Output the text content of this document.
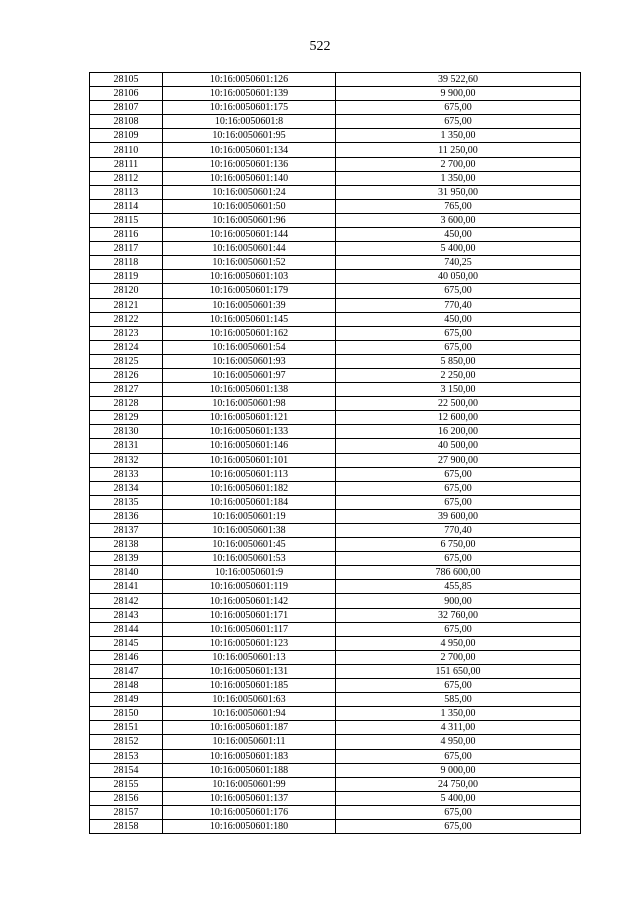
522
28105	10:16:0050601:126	39 522,60
28106	10:16:0050601:139	9 900,00
28107	10:16:0050601:175	675,00
28108	10:16:0050601:8	675,00
28109	10:16:0050601:95	1 350,00
28110	10:16:0050601:134	11 250,00
28111	10:16:0050601:136	2 700,00
28112	10:16:0050601:140	1 350,00
28113	10:16:0050601:24	31 950,00
28114	10:16:0050601:50	765,00
28115	10:16:0050601:96	3 600,00
28116	10:16:0050601:144	450,00
28117	10:16:0050601:44	5 400,00
28118	10:16:0050601:52	740,25
28119	10:16:0050601:103	40 050,00
28120	10:16:0050601:179	675,00
28121	10:16:0050601:39	770,40
28122	10:16:0050601:145	450,00
28123	10:16:0050601:162	675,00
28124	10:16:0050601:54	675,00
28125	10:16:0050601:93	5 850,00
28126	10:16:0050601:97	2 250,00
28127	10:16:0050601:138	3 150,00
28128	10:16:0050601:98	22 500,00
28129	10:16:0050601:121	12 600,00
28130	10:16:0050601:133	16 200,00
28131	10:16:0050601:146	40 500,00
28132	10:16:0050601:101	27 900,00
28133	10:16:0050601:113	675,00
28134	10:16:0050601:182	675,00
28135	10:16:0050601:184	675,00
28136	10:16:0050601:19	39 600,00
28137	10:16:0050601:38	770,40
28138	10:16:0050601:45	6 750,00
28139	10:16:0050601:53	675,00
28140	10:16:0050601:9	786 600,00
28141	10:16:0050601:119	455,85
28142	10:16:0050601:142	900,00
28143	10:16:0050601:171	32 760,00
28144	10:16:0050601:117	675,00
28145	10:16:0050601:123	4 950,00
28146	10:16:0050601:13	2 700,00
28147	10:16:0050601:131	151 650,00
28148	10:16:0050601:185	675,00
28149	10:16:0050601:63	585,00
28150	10:16:0050601:94	1 350,00
28151	10:16:0050601:187	4 311,00
28152	10:16:0050601:11	4 950,00
28153	10:16:0050601:183	675,00
28154	10:16:0050601:188	9 000,00
28155	10:16:0050601:99	24 750,00
28156	10:16:0050601:137	5 400,00
28157	10:16:0050601:176	675,00
28158	10:16:0050601:180	675,00
